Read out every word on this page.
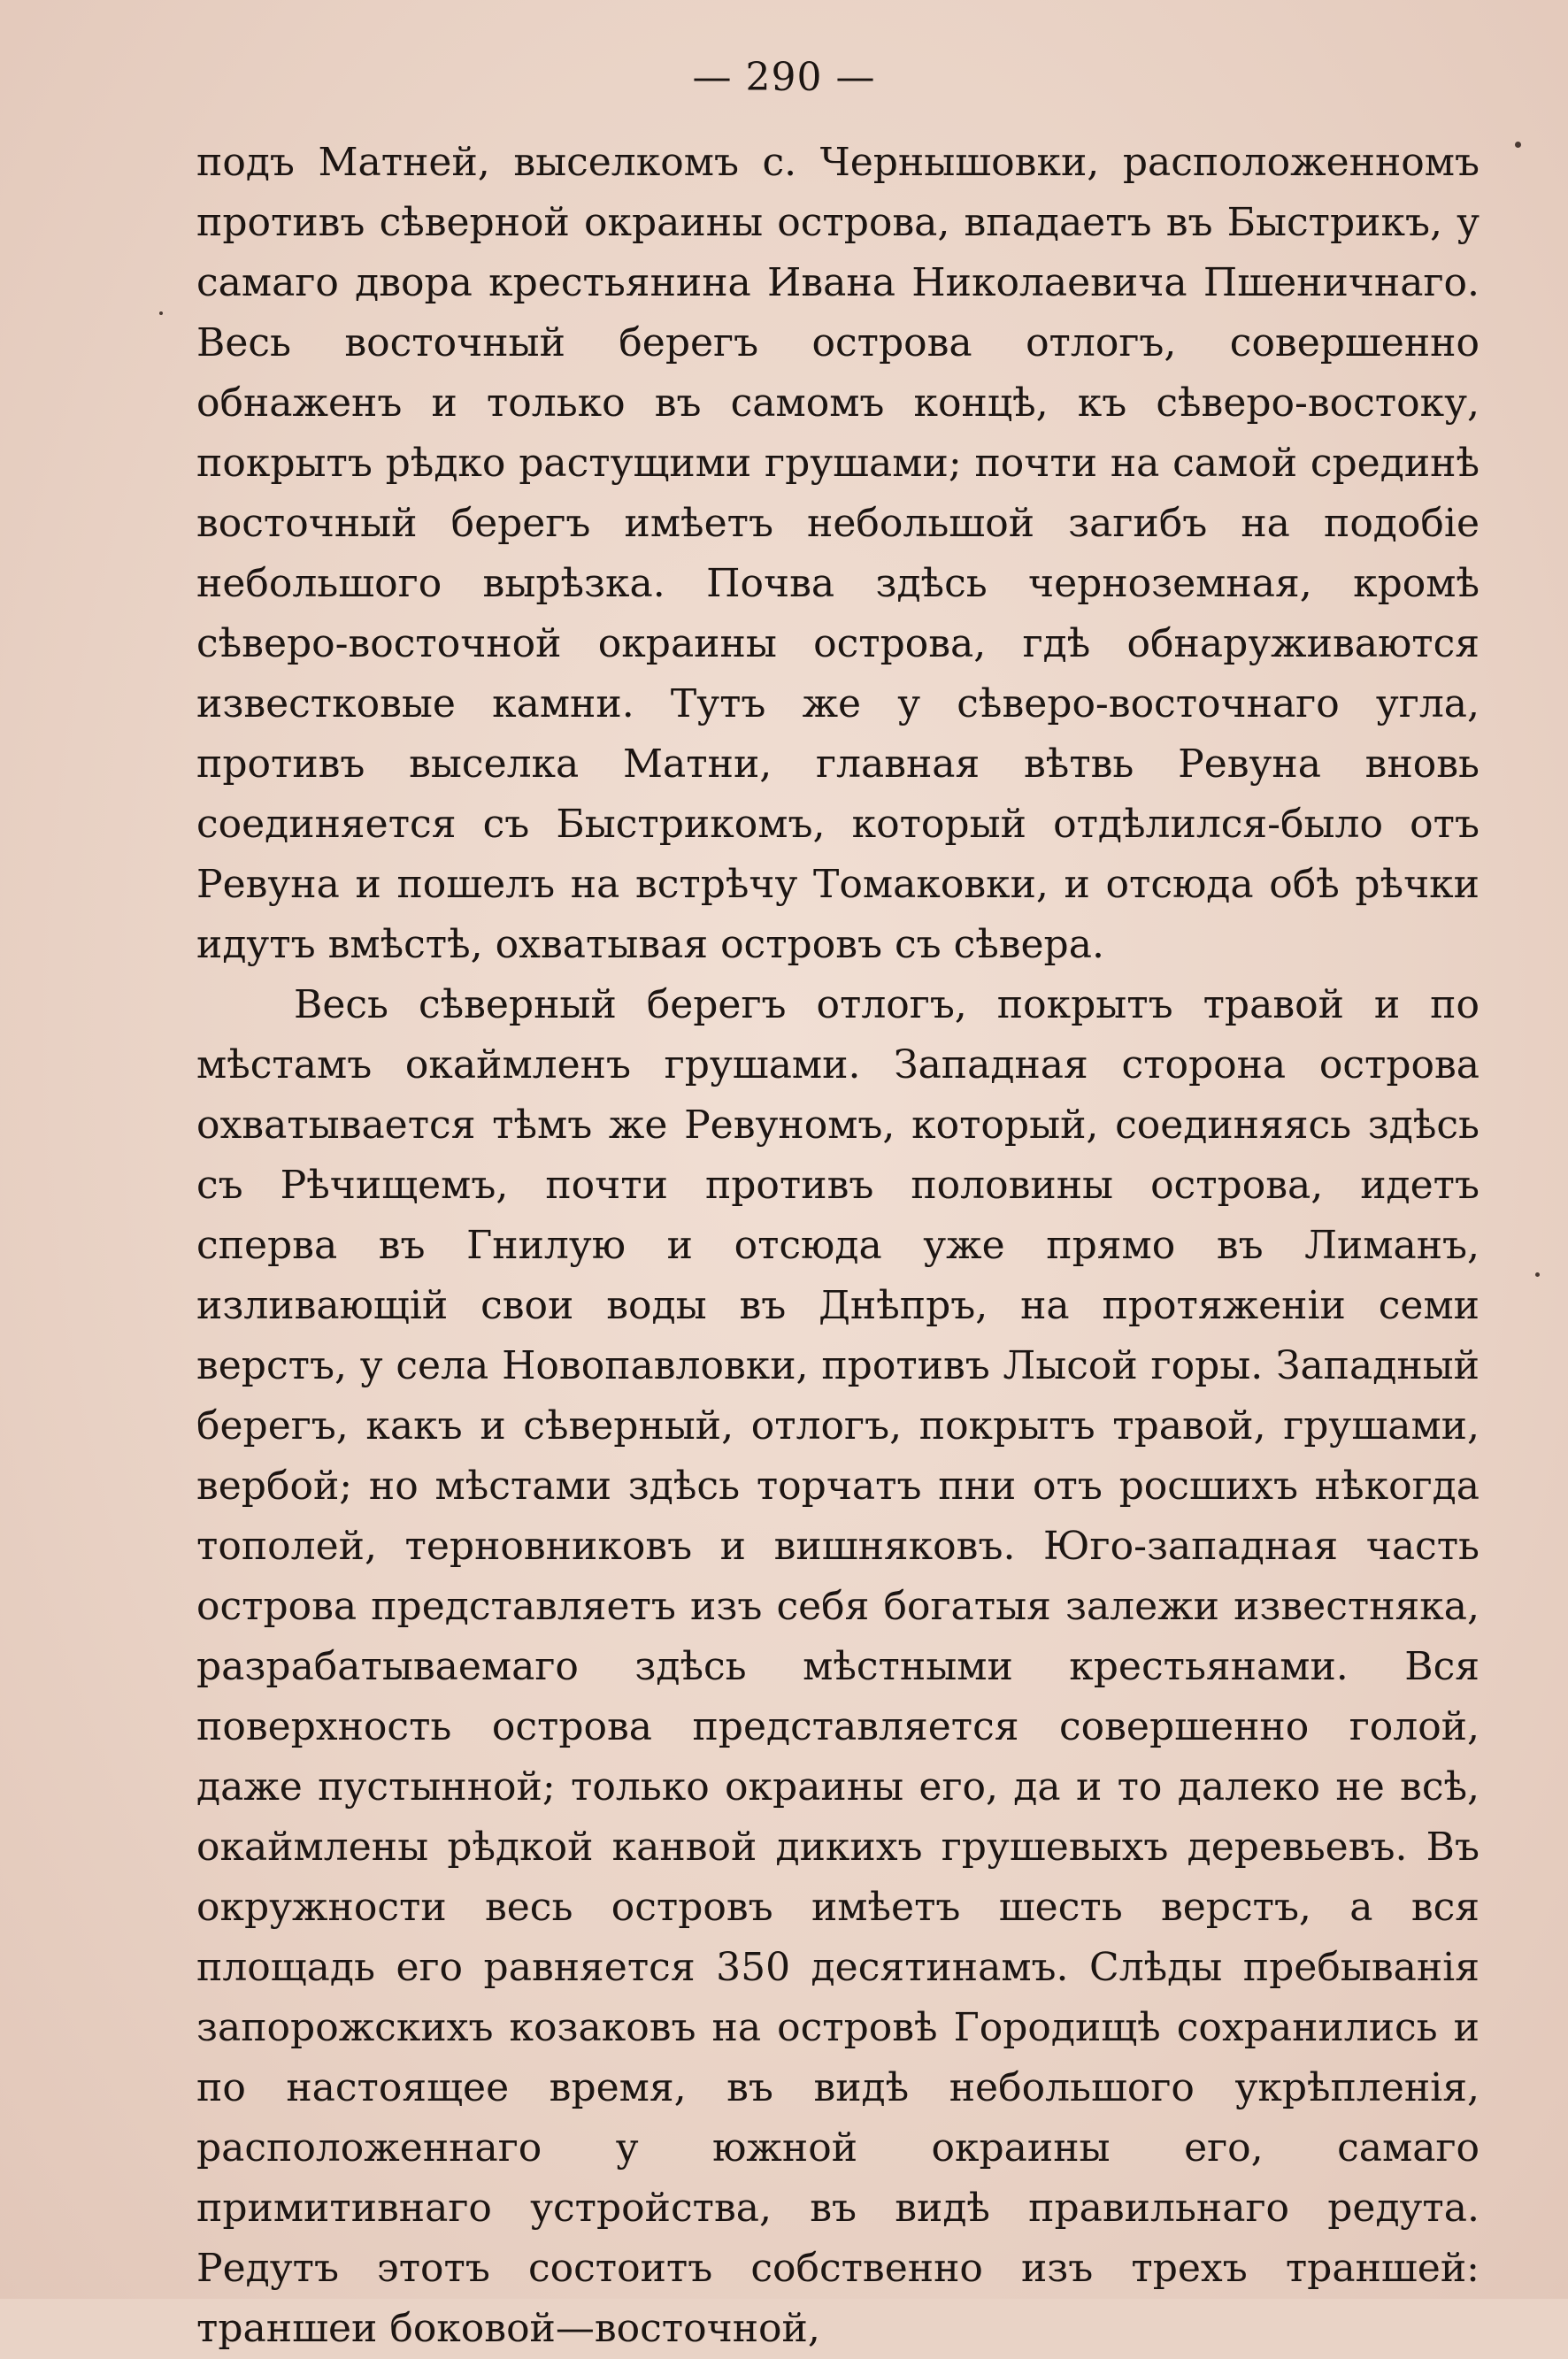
— 290 —

подъ Матней, выселкомъ с. Чернышовки, расположенномъ противъ сѣверной окраины острова, впадаетъ въ Быстрикъ, у самаго двора крестьянина Ивана Николаевича Пшеничнаго. Весь восточный берегъ острова отлогъ, совершенно обнаженъ и только въ самомъ концѣ, къ сѣверо-востоку, покрытъ рѣдко растущими грушами; почти на самой срединѣ восточный берегъ имѣетъ небольшой загибъ на подобіе небольшого вырѣзка. Почва здѣсь черноземная, кромѣ сѣверо-восточной окраины острова, гдѣ обнаруживаются известковые камни. Тутъ же у сѣверо-восточнаго угла, противъ выселка Матни, главная вѣтвь Ревуна вновь соединяется съ Быстрикомъ, который отдѣлился-было отъ Ревуна и пошелъ на встрѣчу Томаковки, и отсюда обѣ рѣчки идутъ вмѣстѣ, охватывая островъ съ сѣвера.

Весь сѣверный берегъ отлогъ, покрытъ травой и по мѣстамъ окаймленъ грушами. Западная сторона острова охватывается тѣмъ же Ревуномъ, который, соединяясь здѣсь съ Рѣчищемъ, почти противъ половины острова, идетъ сперва въ Гнилую и отсюда уже прямо въ Лиманъ, изливающій свои воды въ Днѣпръ, на протяженіи семи верстъ, у села Новопавловки, противъ Лысой горы. Западный берегъ, какъ и сѣверный, отлогъ, покрытъ травой, грушами, вербой; но мѣстами здѣсь торчатъ пни отъ росшихъ нѣкогда тополей, терновниковъ и вишняковъ. Юго-западная часть острова представляетъ изъ себя богатыя залежи известняка, разрабатываемаго здѣсь мѣстными крестьянами. Вся поверхность острова представляется совершенно голой, даже пустынной; только окраины его, да и то далеко не всѣ, окаймлены рѣдкой канвой дикихъ грушевыхъ деревьевъ. Въ окружности весь островъ имѣетъ шесть верстъ, а вся площадь его равняется 350 десятинамъ. Слѣды пребыванія запорожскихъ козаковъ на островѣ Городищѣ сохранились и по настоящее время, въ видѣ небольшого укрѣпленія, расположеннаго у южной окраины его, самаго примитивнаго устройства, въ видѣ правильнаго редута. Редутъ этотъ состоитъ собственно изъ трехъ траншей: траншеи боковой—восточной,
